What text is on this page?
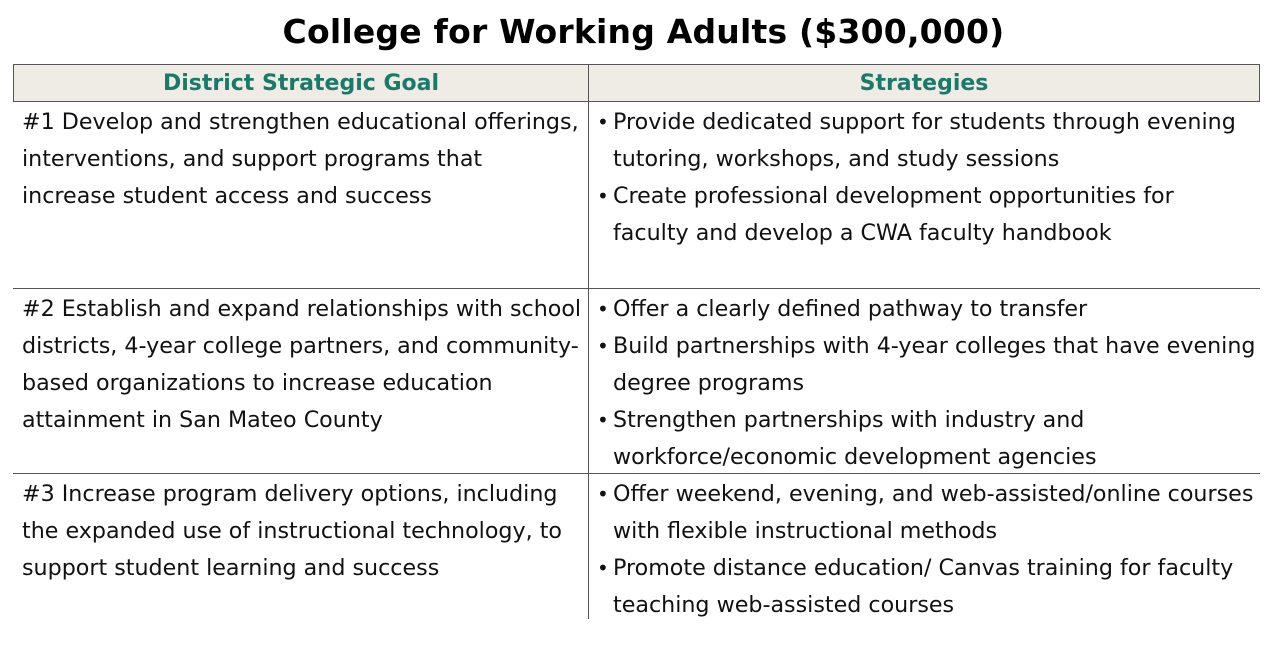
College for Working Adults ($300,000)
District Strategic Goal	Strategies
#1 Develop and strengthen educational offerings, interventions, and support programs that increase student access and success
• Provide dedicated support for students through evening tutoring, workshops, and study sessions
• Create professional development opportunities for faculty and develop a CWA faculty handbook
#2 Establish and expand relationships with school districts, 4-year college partners, and community-based organizations to increase education attainment in San Mateo County
• Offer a clearly defined pathway to transfer
• Build partnerships with 4-year colleges that have evening degree programs
• Strengthen partnerships with industry and workforce/economic development agencies
#3 Increase program delivery options, including the expanded use of instructional technology, to support student learning and success
• Offer weekend, evening, and web-assisted/online courses with flexible instructional methods
• Promote distance education/ Canvas training for faculty teaching web-assisted courses
